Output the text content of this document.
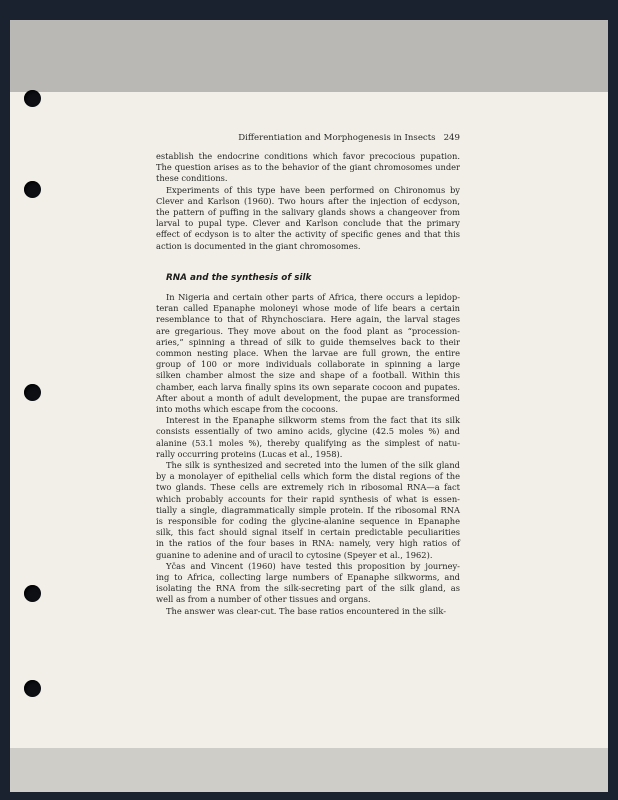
Differentiation and Morphogenesis in Insects 249
establish the endocrine conditions which favor precocious pupation.
The question arises as to the behavior of the giant chromosomes under
these conditions.
Experiments of this type have been performed on Chironomus by
Clever and Karlson (1960). Two hours after the injection of ecdyson,
the pattern of puffing in the salivary glands shows a changeover from
larval to pupal type. Clever and Karlson conclude that the primary
effect of ecdyson is to alter the activity of specific genes and that this
action is documented in the giant chromosomes.
RNA and the synthesis of silk
In Nigeria and certain other parts of Africa, there occurs a lepidop-
teran called Epanaphe moloneyi whose mode of life bears a certain
resemblance to that of Rhynchosciara. Here again, the larval stages
are gregarious. They move about on the food plant as “procession-
aries,” spinning a thread of silk to guide themselves back to their
common nesting place. When the larvae are full grown, the entire
group of 100 or more individuals collaborate in spinning a large
silken chamber almost the size and shape of a football. Within this
chamber, each larva finally spins its own separate cocoon and pupates.
After about a month of adult development, the pupae are transformed
into moths which escape from the cocoons.
Interest in the Epanaphe silkworm stems from the fact that its silk
consists essentially of two amino acids, glycine (42.5 moles %) and
alanine (53.1 moles %), thereby qualifying as the simplest of natu-
rally occurring proteins (Lucas et al., 1958).
The silk is synthesized and secreted into the lumen of the silk gland
by a monolayer of epithelial cells which form the distal regions of the
two glands. These cells are extremely rich in ribosomal RNA—a fact
which probably accounts for their rapid synthesis of what is essen-
tially a single, diagrammatically simple protein. If the ribosomal RNA
is responsible for coding the glycine-alanine sequence in Epanaphe
silk, this fact should signal itself in certain predictable peculiarities
in the ratios of the four bases in RNA: namely, very high ratios of
guanine to adenine and of uracil to cytosine (Speyer et al., 1962).
Yčas and Vincent (1960) have tested this proposition by journey-
ing to Africa, collecting large numbers of Epanaphe silkworms, and
isolating the RNA from the silk-secreting part of the silk gland, as
well as from a number of other tissues and organs.
The answer was clear-cut. The base ratios encountered in the silk-
